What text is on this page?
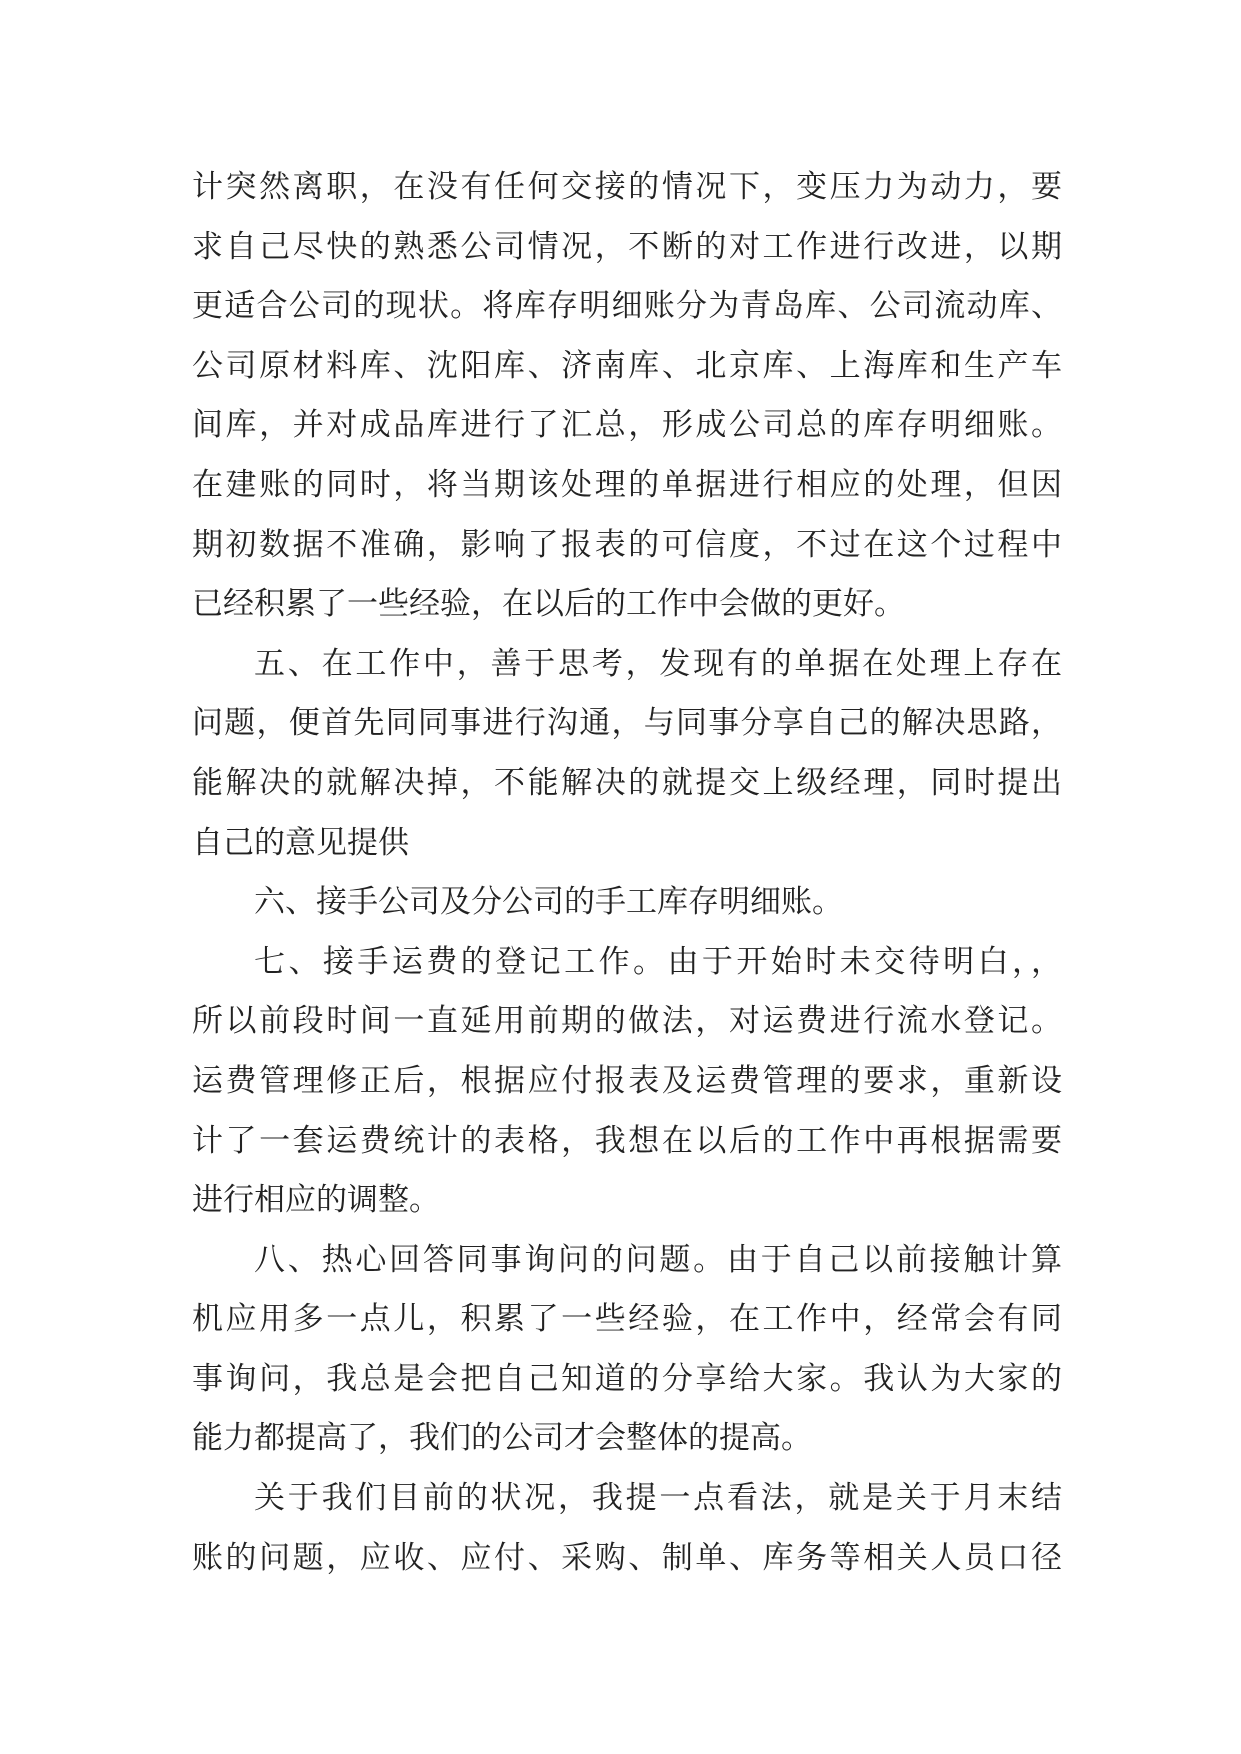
计突然离职，在没有任何交接的情况下，变压力为动力，要
求自己尽快的熟悉公司情况，不断的对工作进行改进，以期
更适合公司的现状。将库存明细账分为青岛库、公司流动库、
公司原材料库、沈阳库、济南库、北京库、上海库和生产车
间库，并对成品库进行了汇总，形成公司总的库存明细账。
在建账的同时，将当期该处理的单据进行相应的处理，但因
期初数据不准确，影响了报表的可信度，不过在这个过程中
已经积累了一些经验，在以后的工作中会做的更好。
五、在工作中，善于思考，发现有的单据在处理上存在
问题，便首先同同事进行沟通，与同事分享自己的解决思路，
能解决的就解决掉，不能解决的就提交上级经理，同时提出
自己的意见提供
六、接手公司及分公司的手工库存明细账。
七、接手运费的登记工作。由于开始时未交待明白，，
所以前段时间一直延用前期的做法，对运费进行流水登记。
运费管理修正后，根据应付报表及运费管理的要求，重新设
计了一套运费统计的表格，我想在以后的工作中再根据需要
进行相应的调整。
八、热心回答同事询问的问题。由于自己以前接触计算
机应用多一点儿，积累了一些经验，在工作中，经常会有同
事询问，我总是会把自己知道的分享给大家。我认为大家的
能力都提高了，我们的公司才会整体的提高。
关于我们目前的状况，我提一点看法，就是关于月末结
账的问题，应收、应付、采购、制单、库务等相关人员口径
